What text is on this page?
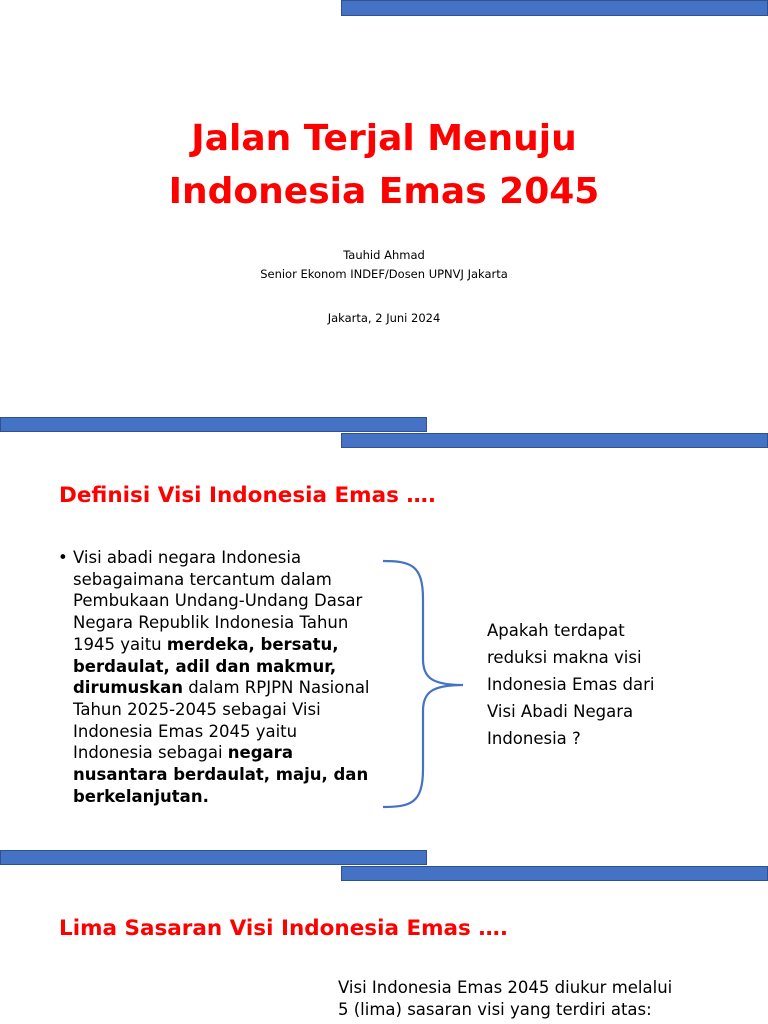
Jalan Terjal Menuju
Indonesia Emas 2045
Tauhid Ahmad
Senior Ekonom INDEF/Dosen UPNVJ Jakarta
Jakarta, 2 Juni 2024
Definisi Visi Indonesia Emas ….
• Visi abadi negara Indonesia sebagaimana tercantum dalam Pembukaan Undang-Undang Dasar Negara Republik Indonesia Tahun 1945 yaitu merdeka, bersatu, berdaulat, adil dan makmur, dirumuskan dalam RPJPN Nasional Tahun 2025-2045 sebagai Visi Indonesia Emas 2045 yaitu Indonesia sebagai negara nusantara berdaulat, maju, dan berkelanjutan.
Apakah terdapat
reduksi makna visi
Indonesia Emas dari
Visi Abadi Negara
Indonesia ?
Lima Sasaran Visi Indonesia Emas ….
Visi Indonesia Emas 2045 diukur melalui
5 (lima) sasaran visi yang terdiri atas:
